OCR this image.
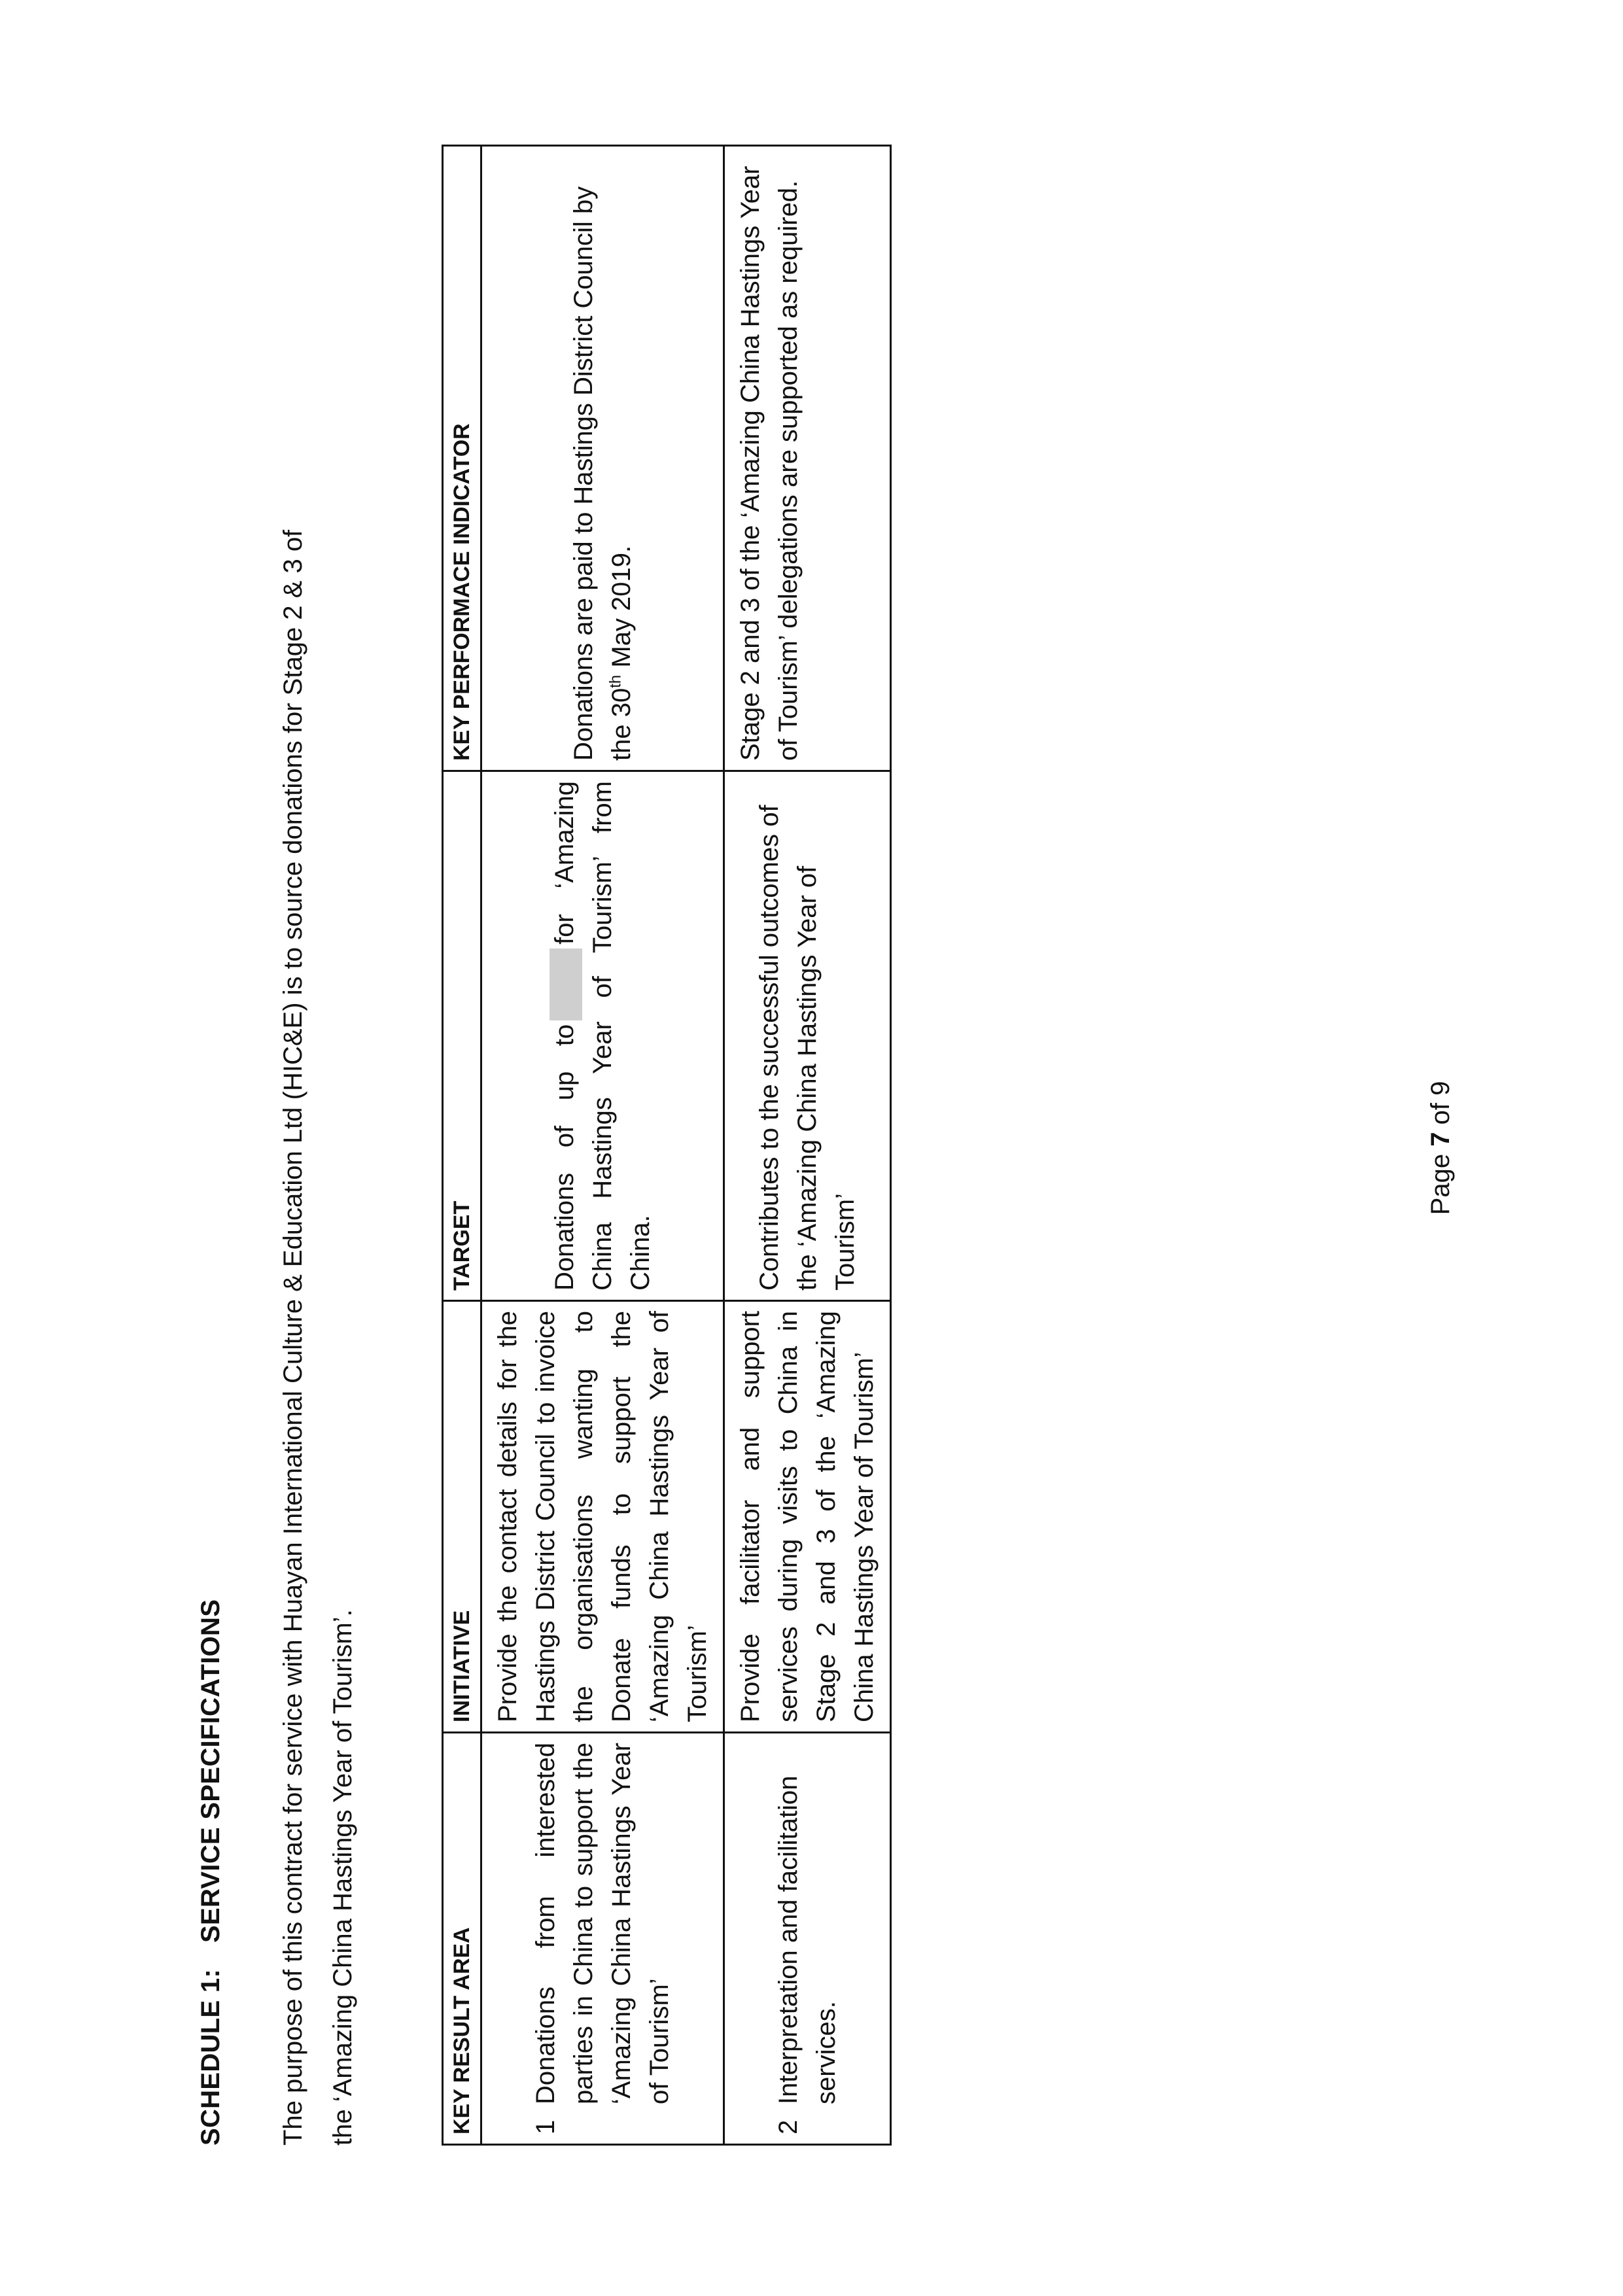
SCHEDULE 1:SERVICE SPECIFICATIONS	The purpose of this contract for service with Huayan International Culture & Education Ltd (HIC&E) is to source donations for Stage 2 & 3 of the ‘Amazing China Hastings Year of Tourism’.	KEY RESULT AREA	INITIATIVE	TARGET	KEY PERFORMACE INDICATOR

1
Donations from interested parties in China to support the ‘Amazing China Hastings Year of Tourism’	Provide the contact details for the Hastings District Council to invoice the organisations wanting to Donate funds to support the ‘Amazing China Hastings Year of Tourism’	Donations of up tofor ‘Amazing China Hastings Year of Tourism’ from China.	Donations are paid to Hastings District Council by the 30th May 2019.

2
Interpretation and facilitation services.	Provide facilitator and support services during visits to China in Stage 2 and 3 of the ‘Amazing China Hastings Year of Tourism’	Contributes to the successful outcomes of the ‘Amazing China Hastings Year of Tourism’	Stage 2 and 3 of the ‘Amazing China Hastings Year of Tourism’ delegations are supported as required.
Page 7 of 9
